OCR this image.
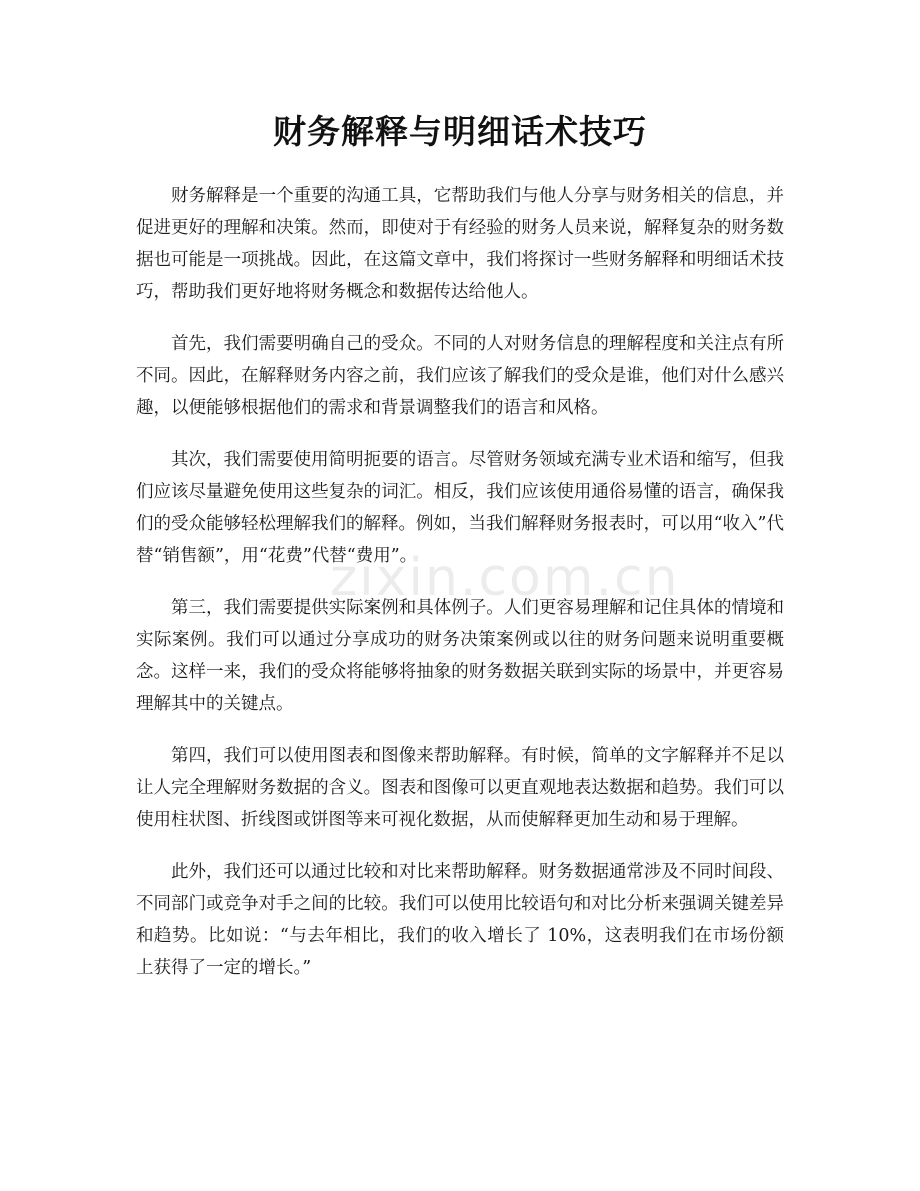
财务解释与明细话术技巧

财务解释是一个重要的沟通工具，它帮助我们与他人分享与财务相关的信息，并促进更好的理解和决策。然而，即使对于有经验的财务人员来说，解释复杂的财务数据也可能是一项挑战。因此，在这篇文章中，我们将探讨一些财务解释和明细话术技巧，帮助我们更好地将财务概念和数据传达给他人。

首先，我们需要明确自己的受众。不同的人对财务信息的理解程度和关注点有所不同。因此，在解释财务内容之前，我们应该了解我们的受众是谁，他们对什么感兴趣，以便能够根据他们的需求和背景调整我们的语言和风格。

其次，我们需要使用简明扼要的语言。尽管财务领域充满专业术语和缩写，但我们应该尽量避免使用这些复杂的词汇。相反，我们应该使用通俗易懂的语言，确保我们的受众能够轻松理解我们的解释。例如，当我们解释财务报表时，可以用“收入”代替“销售额”，用“花费”代替“费用”。

第三，我们需要提供实际案例和具体例子。人们更容易理解和记住具体的情境和实际案例。我们可以通过分享成功的财务决策案例或以往的财务问题来说明重要概念。这样一来，我们的受众将能够将抽象的财务数据关联到实际的场景中，并更容易理解其中的关键点。

第四，我们可以使用图表和图像来帮助解释。有时候，简单的文字解释并不足以让人完全理解财务数据的含义。图表和图像可以更直观地表达数据和趋势。我们可以使用柱状图、折线图或饼图等来可视化数据，从而使解释更加生动和易于理解。

此外，我们还可以通过比较和对比来帮助解释。财务数据通常涉及不同时间段、不同部门或竞争对手之间的比较。我们可以使用比较语句和对比分析来强调关键差异和趋势。比如说：“与去年相比，我们的收入增长了 10%，这表明我们在市场份额上获得了一定的增长。”

zixin.com.cn
